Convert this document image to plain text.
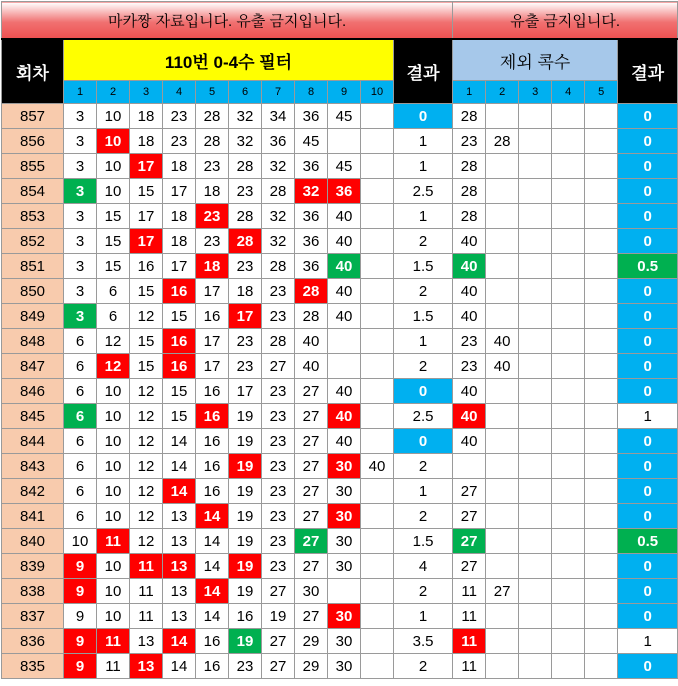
마카짱 자료입니다. 유출 금지입니다.												유출 금지입니다.					
회차	110번 0-4수 필터										결과	제외 콕수					결과
	1	2	3	4	5	6	7	8	9	10		1	2	3	4	5	
857	3	10	18	23	28	32	34	36	45		0	28					0
856	3	10	18	23	28	32	36	45			1	23	28				0
855	3	10	17	18	23	28	32	36	45		1	28					0
854	3	10	15	17	18	23	28	32	36		2.5	28					0
853	3	15	17	18	23	28	32	36	40		1	28					0
852	3	15	17	18	23	28	32	36	40		2	40					0
851	3	15	16	17	18	23	28	36	40		1.5	40					0.5
850	3	6	15	16	17	18	23	28	40		2	40					0
849	3	6	12	15	16	17	23	28	40		1.5	40					0
848	6	12	15	16	17	23	28	40			1	23	40				0
847	6	12	15	16	17	23	27	40			2	23	40				0
846	6	10	12	15	16	17	23	27	40		0	40					0
845	6	10	12	15	16	19	23	27	40		2.5	40					1
844	6	10	12	14	16	19	23	27	40		0	40					0
843	6	10	12	14	16	19	23	27	30	40	2						0
842	6	10	12	14	16	19	23	27	30		1	27					0
841	6	10	12	13	14	19	23	27	30		2	27					0
840	10	11	12	13	14	19	23	27	30		1.5	27					0.5
839	9	10	11	13	14	19	23	27	30		4	27					0
838	9	10	11	13	14	19	27	30			2	11	27				0
837	9	10	11	13	14	16	19	27	30		1	11					0
836	9	11	13	14	16	19	27	29	30		3.5	11					1
835	9	11	13	14	16	23	27	29	30		2	11					0
